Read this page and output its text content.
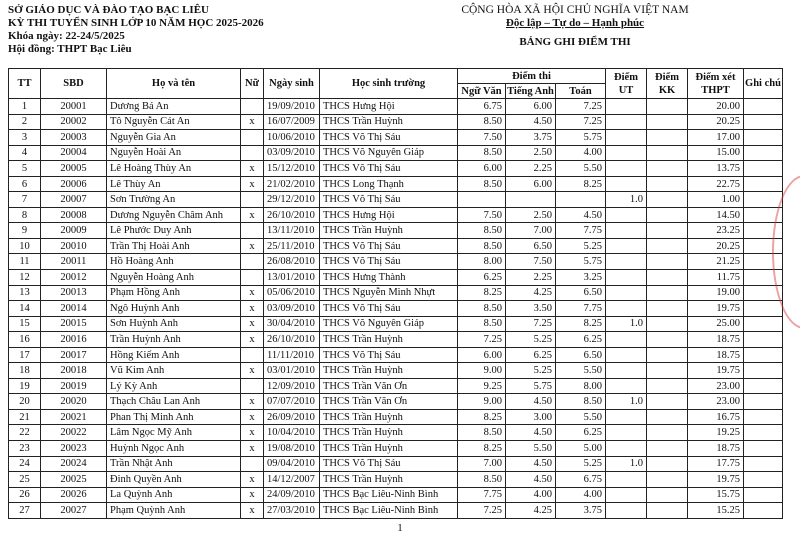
SỞ GIÁO DỤC VÀ ĐÀO TẠO BẠC LIÊU
KỲ THI TUYỂN SINH LỚP 10 NĂM HỌC 2025-2026
Khóa ngày: 22-24/5/2025
Hội đồng: THPT Bạc Liêu
CỘNG HÒA XÃ HỘI CHỦ NGHĨA VIỆT NAM
Độc lập – Tự do – Hạnh phúc
BẢNG GHI ĐIỂM THI
TT	SBD	Họ và tên	Nữ	Ngày sinh	Học sinh trường	Điểm thi			Điểm UT	Điểm KK	Điểm xét THPT	Ghi chú
						Ngữ Văn	Tiếng Anh	Toán				
1	20001	Dương Bá An		19/09/2010	THCS Hưng Hội	6.75	6.00	7.25			20.00	
2	20002	Tô Nguyễn Cát An	x	16/07/2009	THCS Trần Huỳnh	8.50	4.50	7.25			20.25	
3	20003	Nguyễn Gia An		10/06/2010	THCS Võ Thị Sáu	7.50	3.75	5.75			17.00	
4	20004	Nguyễn Hoài An		03/09/2010	THCS Võ Nguyên Giáp	8.50	2.50	4.00			15.00	
5	20005	Lê Hoàng Thùy An	x	15/12/2010	THCS Võ Thị Sáu	6.00	2.25	5.50			13.75	
6	20006	Lê Thùy An	x	21/02/2010	THCS Long Thạnh	8.50	6.00	8.25			22.75	
7	20007	Sơn Trường An		29/12/2010	THCS Võ Thị Sáu				1.0		1.00	
8	20008	Dương Nguyễn Châm Anh	x	26/10/2010	THCS Hưng Hội	7.50	2.50	4.50			14.50	
9	20009	Lê Phước Duy Anh		13/11/2010	THCS Trần Huỳnh	8.50	7.00	7.75			23.25	
10	20010	Trần Thị Hoài Anh	x	25/11/2010	THCS Võ Thị Sáu	8.50	6.50	5.25			20.25	
11	20011	Hồ Hoàng Anh		26/08/2010	THCS Võ Thị Sáu	8.00	7.50	5.75			21.25	
12	20012	Nguyễn Hoàng Anh		13/01/2010	THCS Hưng Thành	6.25	2.25	3.25			11.75	
13	20013	Phạm Hồng Anh	x	05/06/2010	THCS Nguyễn Minh Nhựt	8.25	4.25	6.50			19.00	
14	20014	Ngô Huỳnh Anh	x	03/09/2010	THCS Võ Thị Sáu	8.50	3.50	7.75			19.75	
15	20015	Sơn Huỳnh Anh	x	30/04/2010	THCS Võ Nguyên Giáp	8.50	7.25	8.25	1.0		25.00	
16	20016	Trần Huỳnh Anh	x	26/10/2010	THCS Trần Huỳnh	7.25	5.25	6.25			18.75	
17	20017	Hồng Kiếm Anh		11/11/2010	THCS Võ Thị Sáu	6.00	6.25	6.50			18.75	
18	20018	Vũ Kim Anh	x	03/01/2010	THCS Trần Huỳnh	9.00	5.25	5.50			19.75	
19	20019	Lý Kỳ Anh		12/09/2010	THCS Trần Văn Ơn	9.25	5.75	8.00			23.00	
20	20020	Thạch Châu Lan Anh	x	07/07/2010	THCS Trần Văn Ơn	9.00	4.50	8.50	1.0		23.00	
21	20021	Phan Thị Minh Anh	x	26/09/2010	THCS Trần Huỳnh	8.25	3.00	5.50			16.75	
22	20022	Lâm Ngọc Mỹ Anh	x	10/04/2010	THCS Trần Huỳnh	8.50	4.50	6.25			19.25	
23	20023	Huỳnh Ngọc Anh	x	19/08/2010	THCS Trần Huỳnh	8.25	5.50	5.00			18.75	
24	20024	Trần Nhật Anh		09/04/2010	THCS Võ Thị Sáu	7.00	4.50	5.25	1.0		17.75	
25	20025	Đinh Quyền Anh	x	14/12/2007	THCS Trần Huỳnh	8.50	4.50	6.75			19.75	
26	20026	La Quỳnh Anh	x	24/09/2010	THCS Bạc Liêu-Ninh Bình	7.75	4.00	4.00			15.75	
27	20027	Phạm Quỳnh Anh	x	27/03/2010	THCS Bạc Liêu-Ninh Bình	7.25	4.25	3.75			15.25	
1
